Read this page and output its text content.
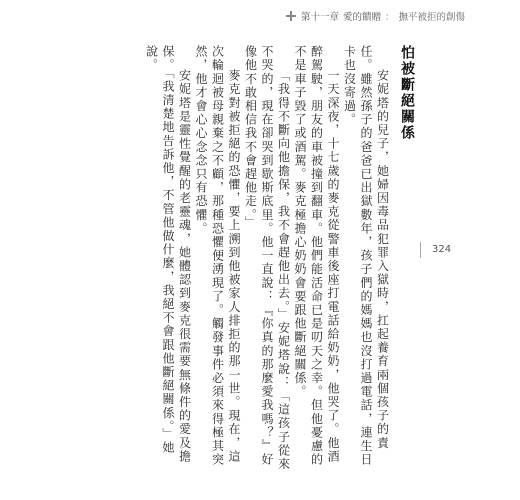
第十一章 愛的饋贈 ： 撫平被拒的創傷
324
怕被斷絕關係

安妮塔的兒子，她婦因毒品犯罪入獄時，扛起養育兩個孩子的責任。雖然孫子的爸爸已出獄數年，孩子們的媽媽也沒打過電話，連生日卡也沒寄過。

一天深夜，十七歲的麥克從警車後座打電話給奶奶，他哭了。他酒醉駕駛，朋友的車被撞到翻車。他們能活命已是叨天之幸。但他憂慮的不是車子毀了或酒駕。麥克極擔心奶奶會要跟他斷絕關係。

「我得不斷向他擔保，我不會趕他出去。」安妮塔說：「這孩子從來不哭的，現在卻哭到歇斯底里。他一直說：『你真的那麼愛我嗎？』好像他不敢相信我不會趕他走。」

麥克對被拒絕的恐懼，要上溯到他被家人排拒的那一世。現在，這次輪迴被母親棄之不顧，那種恐懼便湧現了。觸發事件必須來得極其突然，他才會心心念念只有恐懼。

安妮塔是靈性覺醒的老靈魂，她體認到麥克很需要無條件的愛及擔保。「我清楚地告訴他，不管他做什麼，我絕不會跟他斷絕關係。」她說。
